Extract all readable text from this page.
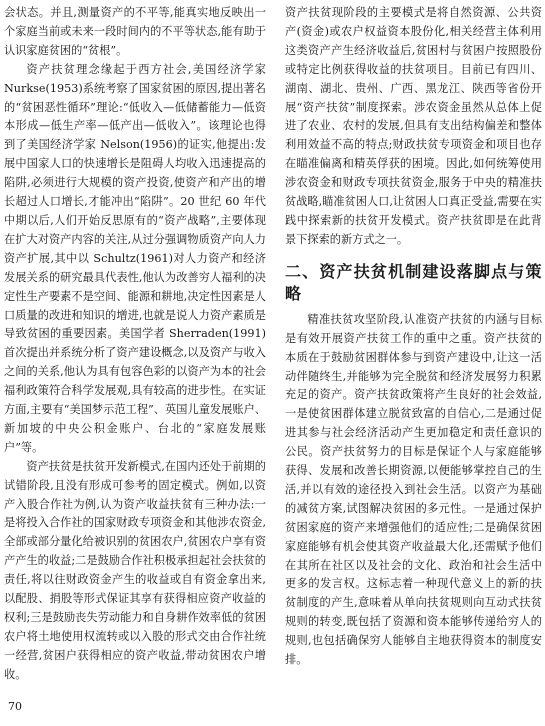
会状态。并且,测量资产的不平等,能真实地反映出一个家庭当前或未来一段时间内的不平等状态,能有助于认识家庭贫困的“贫根”。

资产扶贫理念缘起于西方社会,美国经济学家 Nurkse(1953)系统考察了国家贫困的原因,提出著名的“贫困恶性循环”理论:“低收入—低储蓄能力—低资本形成—低生产率—低产出—低收入”。该理论也得到了美国经济学家 Nelson(1956)的证实,他提出:发展中国家人口的快速增长是阻碍人均收入迅速提高的陷阱,必须进行大规模的资产投资,使资产和产出的增长超过人口增长,才能冲出“陷阱”。20 世纪 60 年代中期以后,人们开始反思原有的“资产战略”,主要体现在扩大对资产内容的关注,从过分强调物质资产向人力资产扩展,其中以 Schultz(1961)对人力资产和经济发展关系的研究最具代表性,他认为改善穷人福利的决定性生产要素不是空间、能源和耕地,决定性因素是人口质量的改进和知识的增进,也就是说人力资产素质是导致贫困的重要因素。美国学者 Sherraden(1991)首次提出并系统分析了资产建设概念,以及资产与收入之间的关系,他认为具有包容色彩的以资产为本的社会福利政策符合科学发展观,具有较高的进步性。在实证方面,主要有“美国梦示范工程”、英国儿童发展账户、新加坡的中央公积金账户、台北的“家庭发展账户”等。

资产扶贫是扶贫开发新模式,在国内还处于前期的试错阶段,且没有形成可参考的固定模式。例如,以资产入股合作社为例,认为资产收益扶贫有三种办法:一是将投入合作社的国家财政专项资金和其他涉农资金,全部或部分量化给被识别的贫困农户,贫困农户享有资产产生的收益;二是鼓励合作社积极承担起社会扶贫的责任,将以往财政资金产生的收益或自有资金拿出来,以配股、捐股等形式保证其享有获得相应资产收益的权利;三是鼓励丧失劳动能力和自身耕作效率低的贫困农户将土地使用权流转或以入股的形式交由合作社统一经营,贫困户获得相应的资产收益,带动贫困农户增收。

资产扶贫现阶段的主要模式是将自然资源、公共资产(资金)或农户权益资本股份化,相关经营主体利用这类资产产生经济收益后,贫困村与贫困户按照股份或特定比例获得收益的扶贫项目。目前已有四川、湖南、湖北、贵州、广西、黑龙江、陕西等省份开展“资产扶贫”制度探索。涉农资金虽然从总体上促进了农业、农村的发展,但具有支出结构偏差和整体利用效益不高的特点;财政扶贫专项资金和项目也存在瞄准偏离和精英俘获的困境。因此,如何统筹使用涉农资金和财政专项扶贫资金,服务于中央的精准扶贫战略,瞄准贫困人口,让贫困人口真正受益,需要在实践中探索新的扶贫开发模式。资产扶贫即是在此背景下探索的新方式之一。

二、资产扶贫机制建设落脚点与策略

精准扶贫攻坚阶段,认准资产扶贫的内涵与目标是有效开展资产扶贫工作的重中之重。资产扶贫的本质在于鼓励贫困群体参与到资产建设中,让这一活动伴随终生,并能够为完全脱贫和经济发展努力积累充足的资产。资产扶贫政策将产生良好的社会效益,一是使贫困群体建立脱贫致富的自信心,二是通过促进其参与社会经济活动产生更加稳定和责任意识的公民。资产扶贫努力的目标是保证个人与家庭能够获得、发展和改善长期资源,以便能够掌控自己的生活,并以有效的途径投入到社会生活。以资产为基础的减贫方案,试图解决贫困的多元性。一是通过保护贫困家庭的资产来增强他们的适应性;二是确保贫困家庭能够有机会使其资产收益最大化,还需赋予他们在其所在社区以及社会的文化、政治和社会生活中更多的发言权。这标志着一种现代意义上的新的扶贫制度的产生,意味着从单向扶贫规则向互动式扶贫规则的转变,既包括了资源和资本能够传递给穷人的规则,也包括确保穷人能够自主地获得资本的制度安排。

70
